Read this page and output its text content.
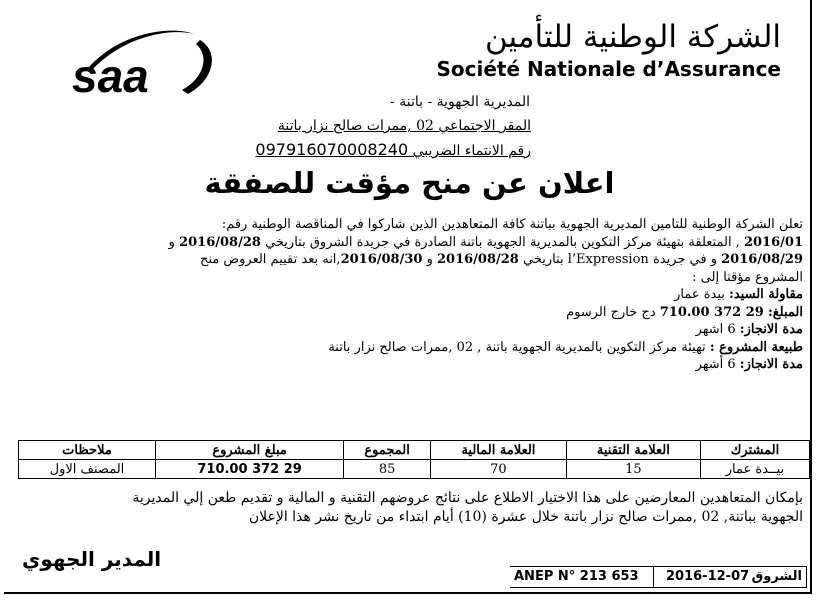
saa
الشركة الوطنية للتأمين
Société Nationale d’Assurance
المديرية الجهوية - باتنة -
المقر الاجتماعي 02 ,ممرات صالح نزار باتنة
رقم الانتماء الضريبي 097916070008240
اعلان عن منح مؤقت للصفقة
تعلن الشركة الوطنية للتامين المديرية الجهوية بباتنة كافة المتعاهدين الذين شاركوا في المناقصة الوطنية رقم:
2016/01 , المتعلقة بتهيئة مركز التكوين بالمديرية الجهوية باتنة الصادرة في جريدة الشروق بتاريخي 2016/08/28 و
2016/08/29 و في جريدة l’Expression بتاريخي 2016/08/28 و 2016/08/30,انه بعد تقييم العروض منح
المشروع مؤقتا إلى :
مقاولة السيد: بيدة عمار
المبلغ: 29 372 710.00 دج خارج الرسوم
مدة الانجاز: 6 اشهر
طبيعة المشروع : تهيئة مركز التكوين بالمديرية الجهوية باتنة , 02 ,ممرات صالح نزار باتنة
مدة الانجاز: 6 أشهر
المشترك	العلامة التقنية	العلامة المالية	المجموع	مبلغ المشروع	ملاحظات
بيــدة عمار	15	70	85	29 372 710.00	المصنف الاول
بإمكان المتعاهدين المعارضين على هذا الاختيار الاطلاع على نتائج عروضهم التقنية و المالية و تقديم طعن إلي المديرية
الجهوية بباتنة, 02 ,ممرات صالح نزار باتنة خلال عشرة (10) أيام ابتداء من تاريخ نشر هذا الإعلان
المدير الجهوي
ANEP N° 213 653	2016-12-07 الشروق
